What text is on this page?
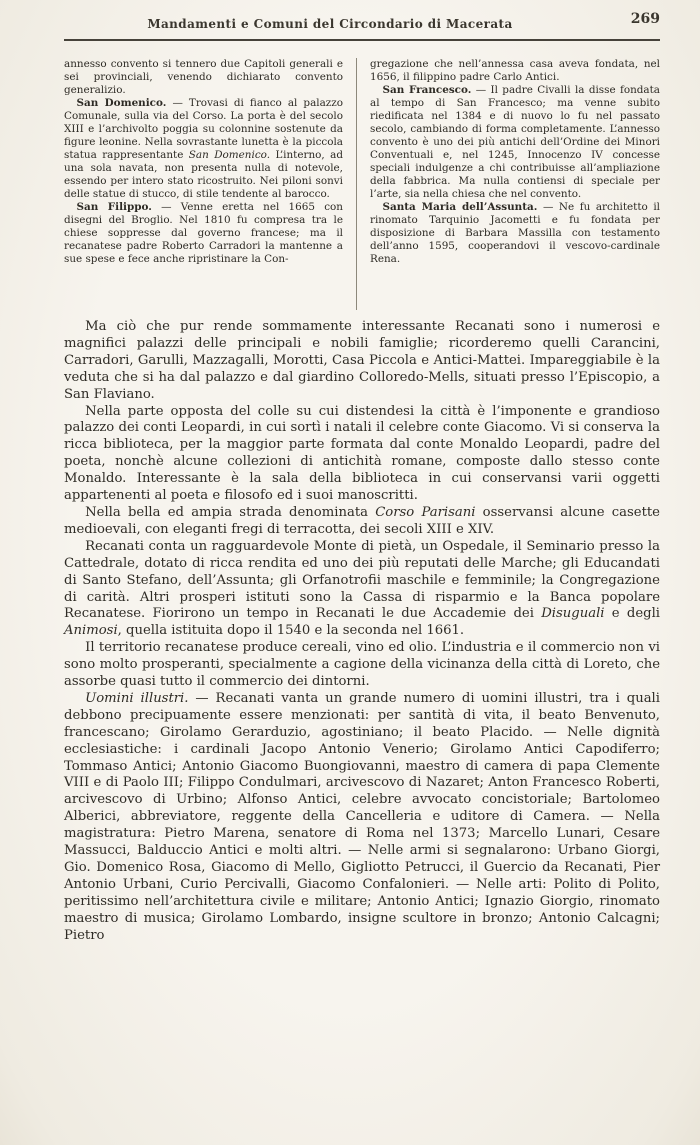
Mandamenti e Comuni del Circondario di Macerata	269

annesso convento si tennero due Capitoli generali e sei provinciali, venendo dichiarato convento generalizio.

San Domenico. — Trovasi di fianco al palazzo Comunale, sulla via del Corso. La porta è del secolo XIII e l’archivolto poggia su colonnine sostenute da figure leonine. Nella sovrastante lunetta è la piccola statua rappresentante San Domenico. L’interno, ad una sola navata, non presenta nulla di notevole, essendo per intero stato ricostruito. Nei piloni sonvi delle statue di stucco, di stile tendente al barocco.

San Filippo. — Venne eretta nel 1665 con disegni del Broglio. Nel 1810 fu compresa tra le chiese soppresse dal governo francese; ma il recanatese padre Roberto Carradori la mantenne a sue spese e fece anche ripristinare la Con-

gregazione che nell’annessa casa aveva fondata, nel 1656, il filippino padre Carlo Antici.

San Francesco. — Il padre Civalli la disse fondata al tempo di San Francesco; ma venne subito riedificata nel 1384 e di nuovo lo fu nel passato secolo, cambiando di forma completamente. L’annesso convento è uno dei più antichi dell’Ordine dei Minori Conventuali e, nel 1245, Innocenzo IV concesse speciali indulgenze a chi contribuisse all’ampliazione della fabbrica. Ma nulla contiensi di speciale per l’arte, sia nella chiesa che nel convento.

Santa Maria dell’Assunta. — Ne fu architetto il rinomato Tarquinio Jacometti e fu fondata per disposizione di Barbara Massilla con testamento dell’anno 1595, cooperandovi il vescovo-cardinale Rena.

Ma ciò che pur rende sommamente interessante Recanati sono i numerosi e magnifici palazzi delle principali e nobili famiglie; ricorderemo quelli Carancini, Carradori, Garulli, Mazzagalli, Morotti, Casa Piccola e Antici-Mattei. Impareggiabile è la veduta che si ha dal palazzo e dal giardino Colloredo-Mells, situati presso l’Episcopio, a San Flaviano.

Nella parte opposta del colle su cui distendesi la città è l’imponente e grandioso palazzo dei conti Leopardi, in cui sortì i natali il celebre conte Giacomo. Vi si conserva la ricca biblioteca, per la maggior parte formata dal conte Monaldo Leopardi, padre del poeta, nonchè alcune collezioni di antichità romane, composte dallo stesso conte Monaldo. Interessante è la sala della biblioteca in cui conservansi varii oggetti appartenenti al poeta e filosofo ed i suoi manoscritti.

Nella bella ed ampia strada denominata Corso Parisani osservansi alcune casette medioevali, con eleganti fregi di terracotta, dei secoli XIII e XIV.

Recanati conta un ragguardevole Monte di pietà, un Ospedale, il Seminario presso la Cattedrale, dotato di ricca rendita ed uno dei più reputati delle Marche; gli Educandati di Santo Stefano, dell’Assunta; gli Orfanotrofii maschile e femminile; la Congregazione di carità. Altri prosperi istituti sono la Cassa di risparmio e la Banca popolare Recanatese. Fiorirono un tempo in Recanati le due Accademie dei Disuguali e degli Animosi, quella istituita dopo il 1540 e la seconda nel 1661.

Il territorio recanatese produce cereali, vino ed olio. L’industria e il commercio non vi sono molto prosperanti, specialmente a cagione della vicinanza della città di Loreto, che assorbe quasi tutto il commercio dei dintorni.

Uomini illustri. — Recanati vanta un grande numero di uomini illustri, tra i quali debbono precipuamente essere menzionati: per santità di vita, il beato Benvenuto, francescano; Girolamo Gerarduzio, agostiniano; il beato Placido. — Nelle dignità ecclesiastiche: i cardinali Jacopo Antonio Venerio; Girolamo Antici Capodiferro; Tommaso Antici; Antonio Giacomo Buongiovanni, maestro di camera di papa Clemente VIII e di Paolo III; Filippo Condulmari, arcivescovo di Nazaret; Anton Francesco Roberti, arcivescovo di Urbino; Alfonso Antici, celebre avvocato concistoriale; Bartolomeo Alberici, abbreviatore, reggente della Cancelleria e uditore di Camera. — Nella magistratura: Pietro Marena, senatore di Roma nel 1373; Marcello Lunari, Cesare Massucci, Balduccio Antici e molti altri. — Nelle armi si segnalarono: Urbano Giorgi, Gio. Domenico Rosa, Giacomo di Mello, Gigliotto Petrucci, il Guercio da Recanati, Pier Antonio Urbani, Curio Percivalli, Giacomo Confalonieri. — Nelle arti: Polito di Polito, peritissimo nell’architettura civile e militare; Antonio Antici; Ignazio Giorgio, rinomato maestro di musica; Girolamo Lombardo, insigne scultore in bronzo; Antonio Calcagni; Pietro
